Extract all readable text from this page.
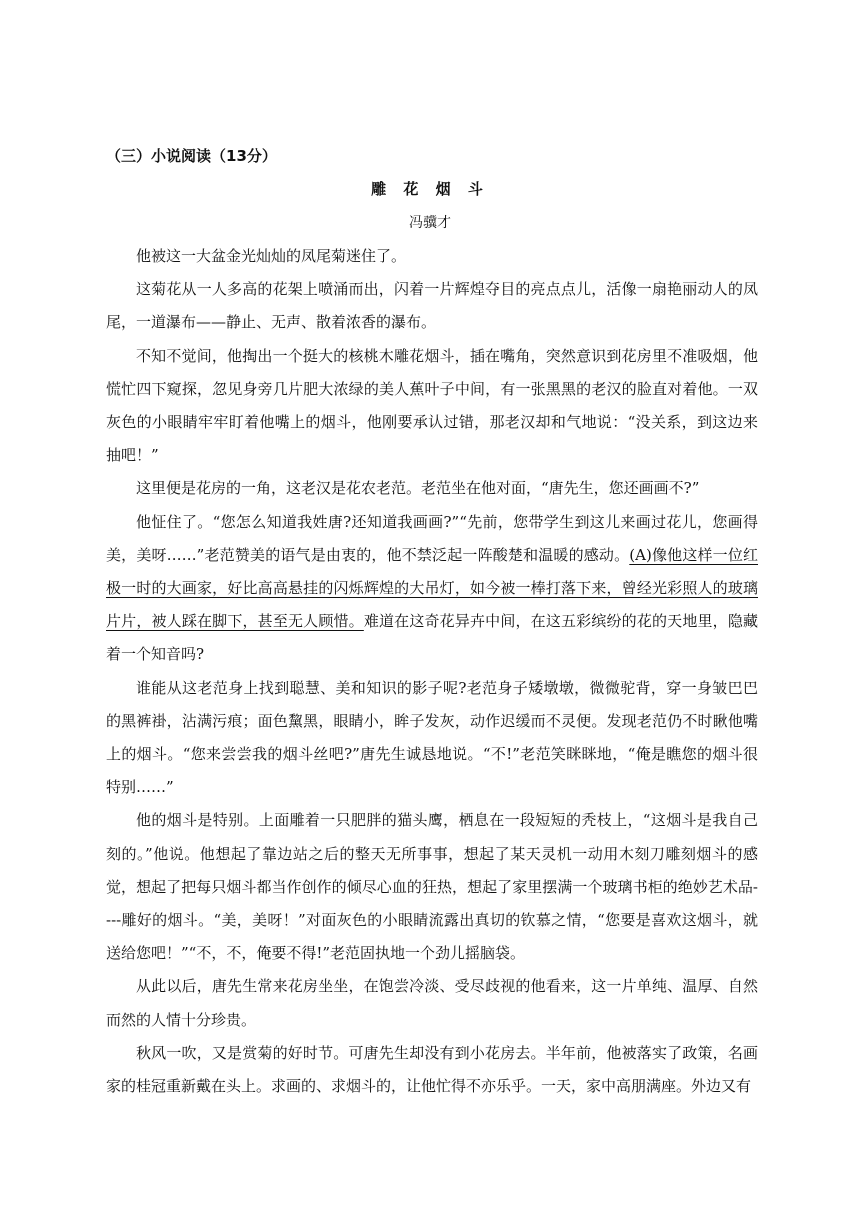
（三）小说阅读（13分）
雕 花 烟 斗
冯骥才

他被这一大盆金光灿灿的凤尾菊迷住了。

这菊花从一人多高的花架上喷涌而出，闪着一片辉煌夺目的亮点点儿，活像一扇艳丽动人的凤尾，一道瀑布——静止、无声、散着浓香的瀑布。

不知不觉间，他掏出一个挺大的核桃木雕花烟斗，插在嘴角，突然意识到花房里不准吸烟，他慌忙四下窥探，忽见身旁几片肥大浓绿的美人蕉叶子中间，有一张黑黑的老汉的脸直对着他。一双灰色的小眼睛牢牢盯着他嘴上的烟斗，他刚要承认过错，那老汉却和气地说：“没关系，到这边来抽吧！”

这里便是花房的一角，这老汉是花农老范。老范坐在他对面，“唐先生，您还画画不?”

他怔住了。“您怎么知道我姓唐?还知道我画画?”“先前，您带学生到这儿来画过花儿，您画得美，美呀……”老范赞美的语气是由衷的，他不禁泛起一阵酸楚和温暖的感动。(A)像他这样一位红极一时的大画家，好比高高悬挂的闪烁辉煌的大吊灯，如今被一棒打落下来，曾经光彩照人的玻璃片片，被人踩在脚下，甚至无人顾惜。难道在这奇花异卉中间，在这五彩缤纷的花的天地里，隐藏着一个知音吗?

谁能从这老范身上找到聪慧、美和知识的影子呢?老范身子矮墩墩，微微驼背，穿一身皱巴巴的黑裤褂，沾满污痕；面色黧黑，眼睛小，眸子发灰，动作迟缓而不灵便。发现老范仍不时瞅他嘴上的烟斗。“您来尝尝我的烟斗丝吧?”唐先生诚恳地说。“不!”老范笑眯眯地，“俺是瞧您的烟斗很特别……”

他的烟斗是特别。上面雕着一只肥胖的猫头鹰，栖息在一段短短的秃枝上，“这烟斗是我自己刻的。”他说。他想起了靠边站之后的整天无所事事，想起了某天灵机一动用木刻刀雕刻烟斗的感觉，想起了把每只烟斗都当作创作的倾尽心血的狂热，想起了家里摆满一个玻璃书柜的绝妙艺术品----雕好的烟斗。“美，美呀！”对面灰色的小眼睛流露出真切的钦慕之情，“您要是喜欢这烟斗，就送给您吧！”“不，不，俺要不得!”老范固执地一个劲儿摇脑袋。

从此以后，唐先生常来花房坐坐，在饱尝冷淡、受尽歧视的他看来，这一片单纯、温厚、自然而然的人情十分珍贵。

秋风一吹，又是赏菊的好时节。可唐先生却没有到小花房去。半年前，他被落实了政策，名画家的桂冠重新戴在头上。求画的、求烟斗的，让他忙得不亦乐乎。一天，家中高朋满座。外边又有
